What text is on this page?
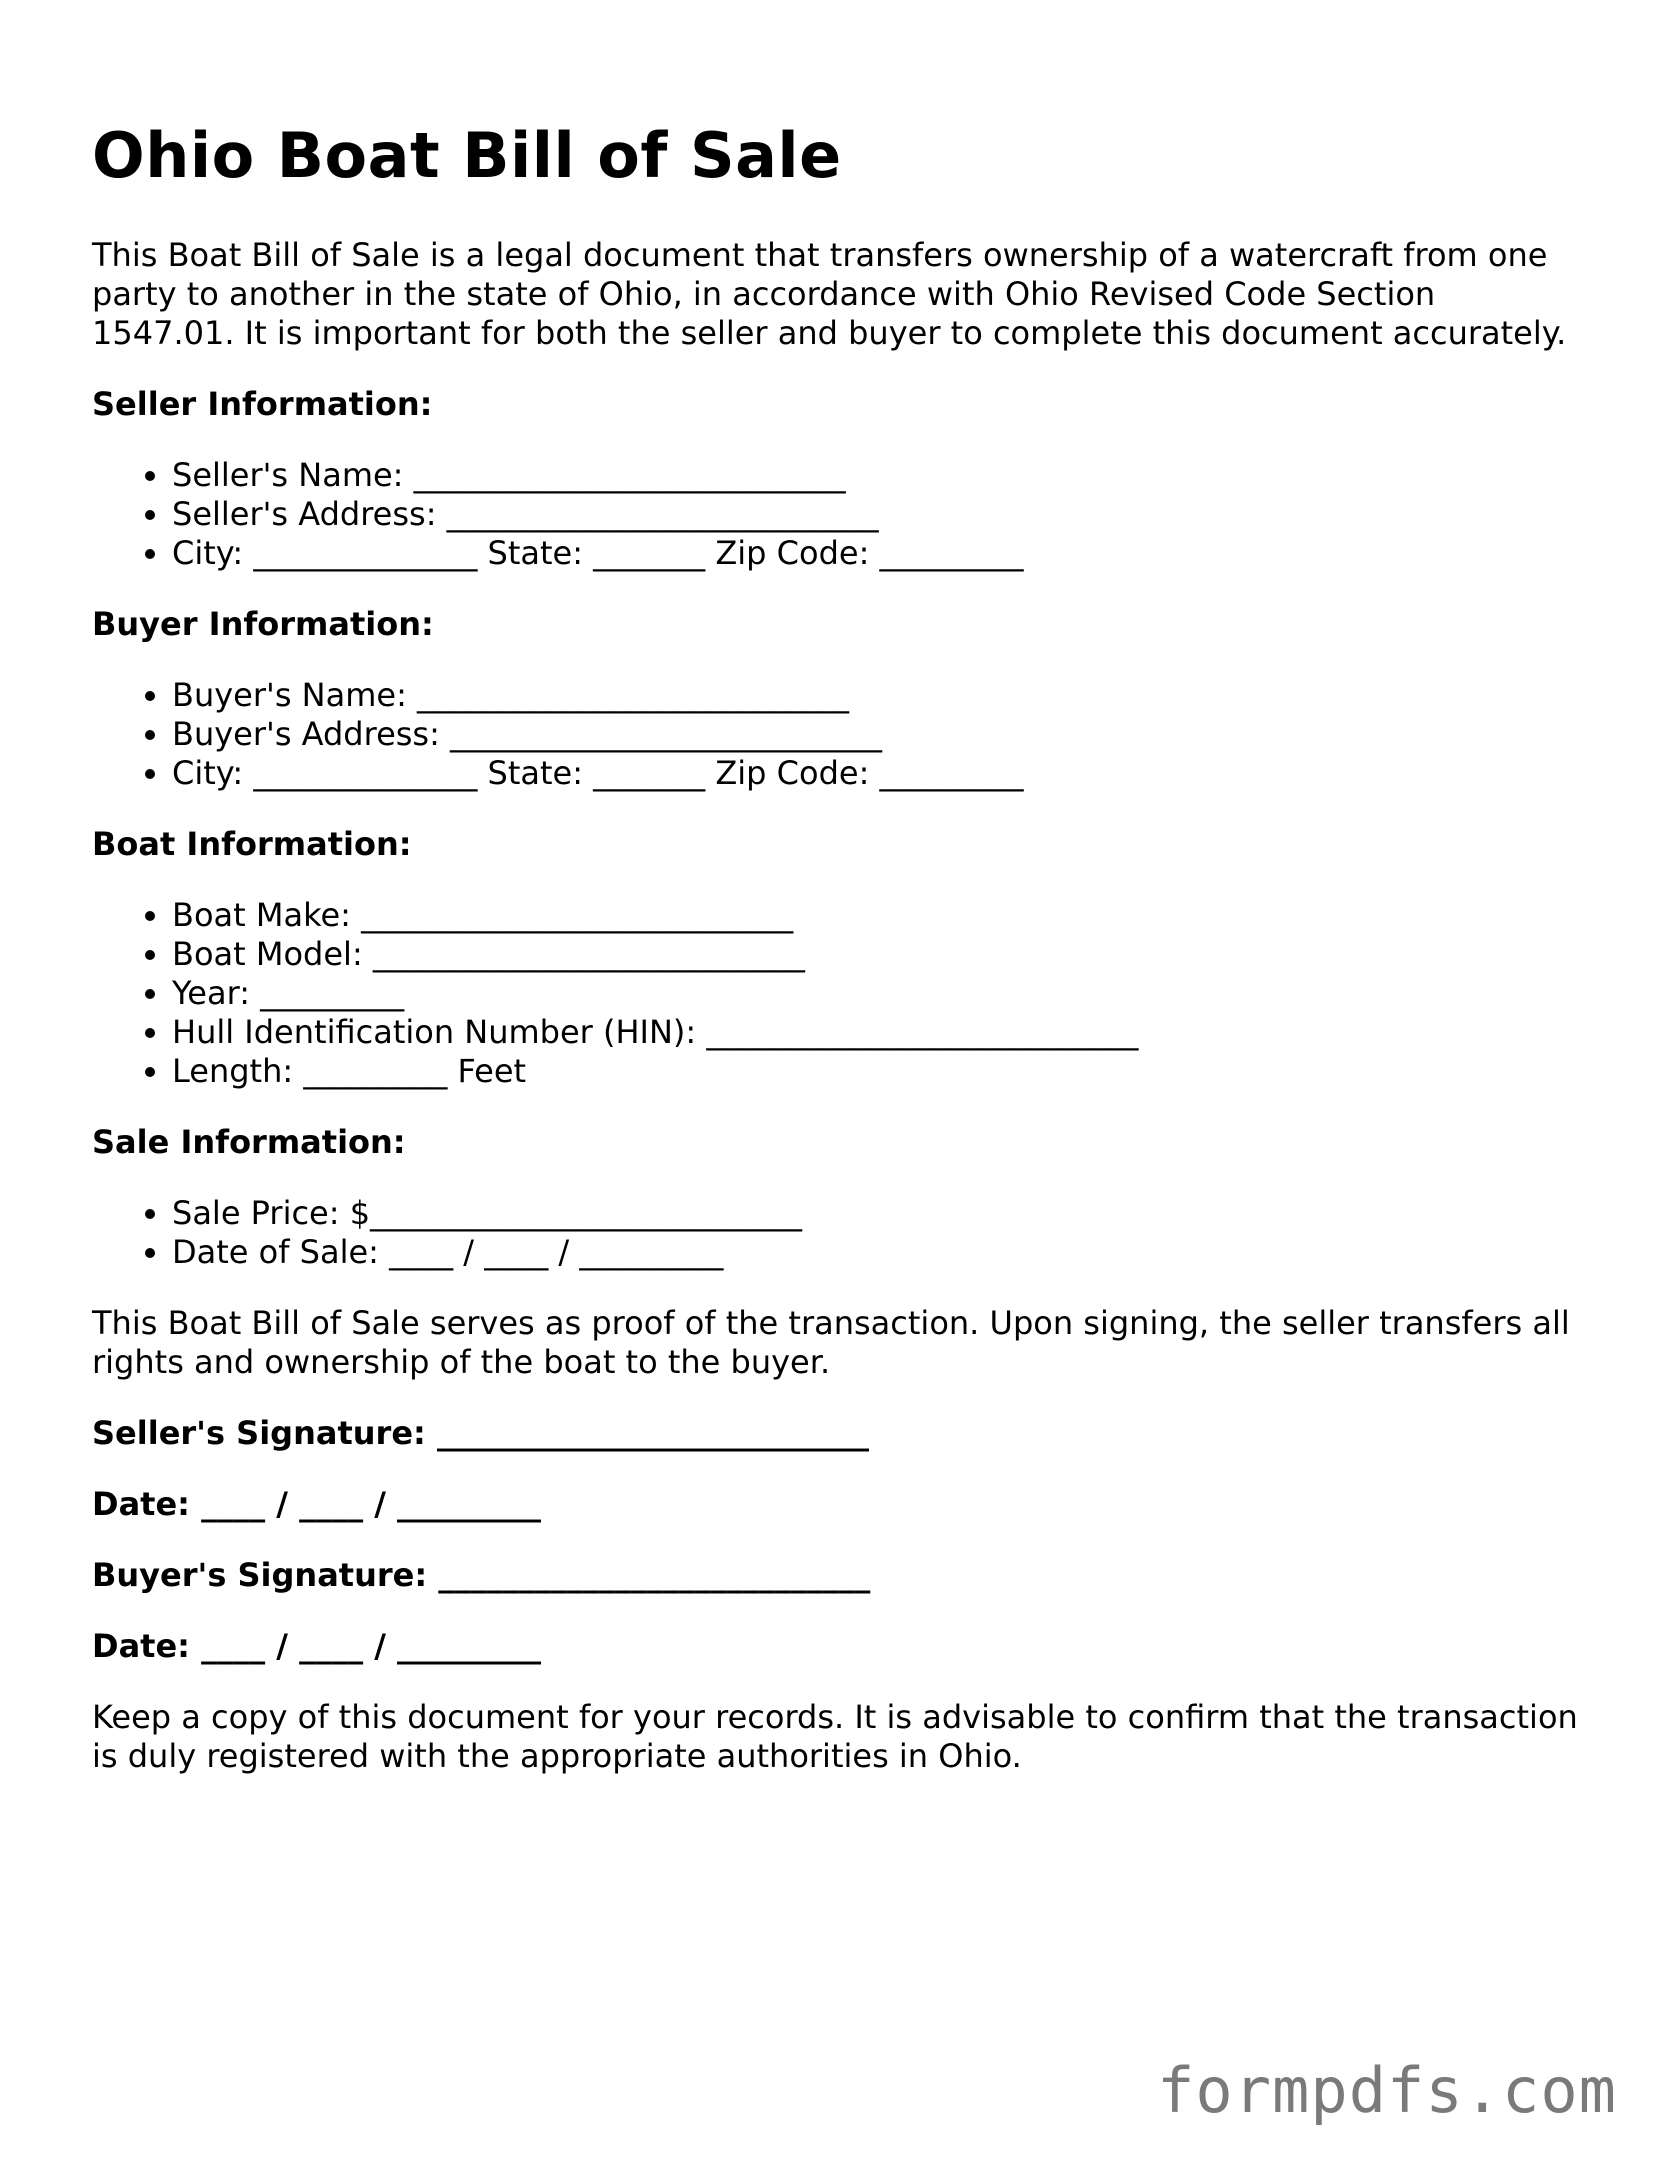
Ohio Boat Bill of Sale

This Boat Bill of Sale is a legal document that transfers ownership of a watercraft from one party to another in the state of Ohio, in accordance with Ohio Revised Code Section 1547.01. It is important for both the seller and buyer to complete this document accurately.

Seller Information:
• Seller's Name: ___________________________
• Seller's Address: ___________________________
• City: ______________ State: _______ Zip Code: _________
Buyer Information:
• Buyer's Name: ___________________________
• Buyer's Address: ___________________________
• City: ______________ State: _______ Zip Code: _________
Boat Information:
• Boat Make: ___________________________
• Boat Model: ___________________________
• Year: _________
• Hull Identification Number (HIN): ___________________________
• Length: _________ Feet
Sale Information:
• Sale Price: $___________________________
• Date of Sale: ____ / ____ / _________

This Boat Bill of Sale serves as proof of the transaction. Upon signing, the seller transfers all rights and ownership of the boat to the buyer.

Seller's Signature: ___________________________
Date: ____ / ____ / _________
Buyer's Signature: ___________________________
Date: ____ / ____ / _________

Keep a copy of this document for your records. It is advisable to confirm that the transaction is duly registered with the appropriate authorities in Ohio.

formpdfs.com
